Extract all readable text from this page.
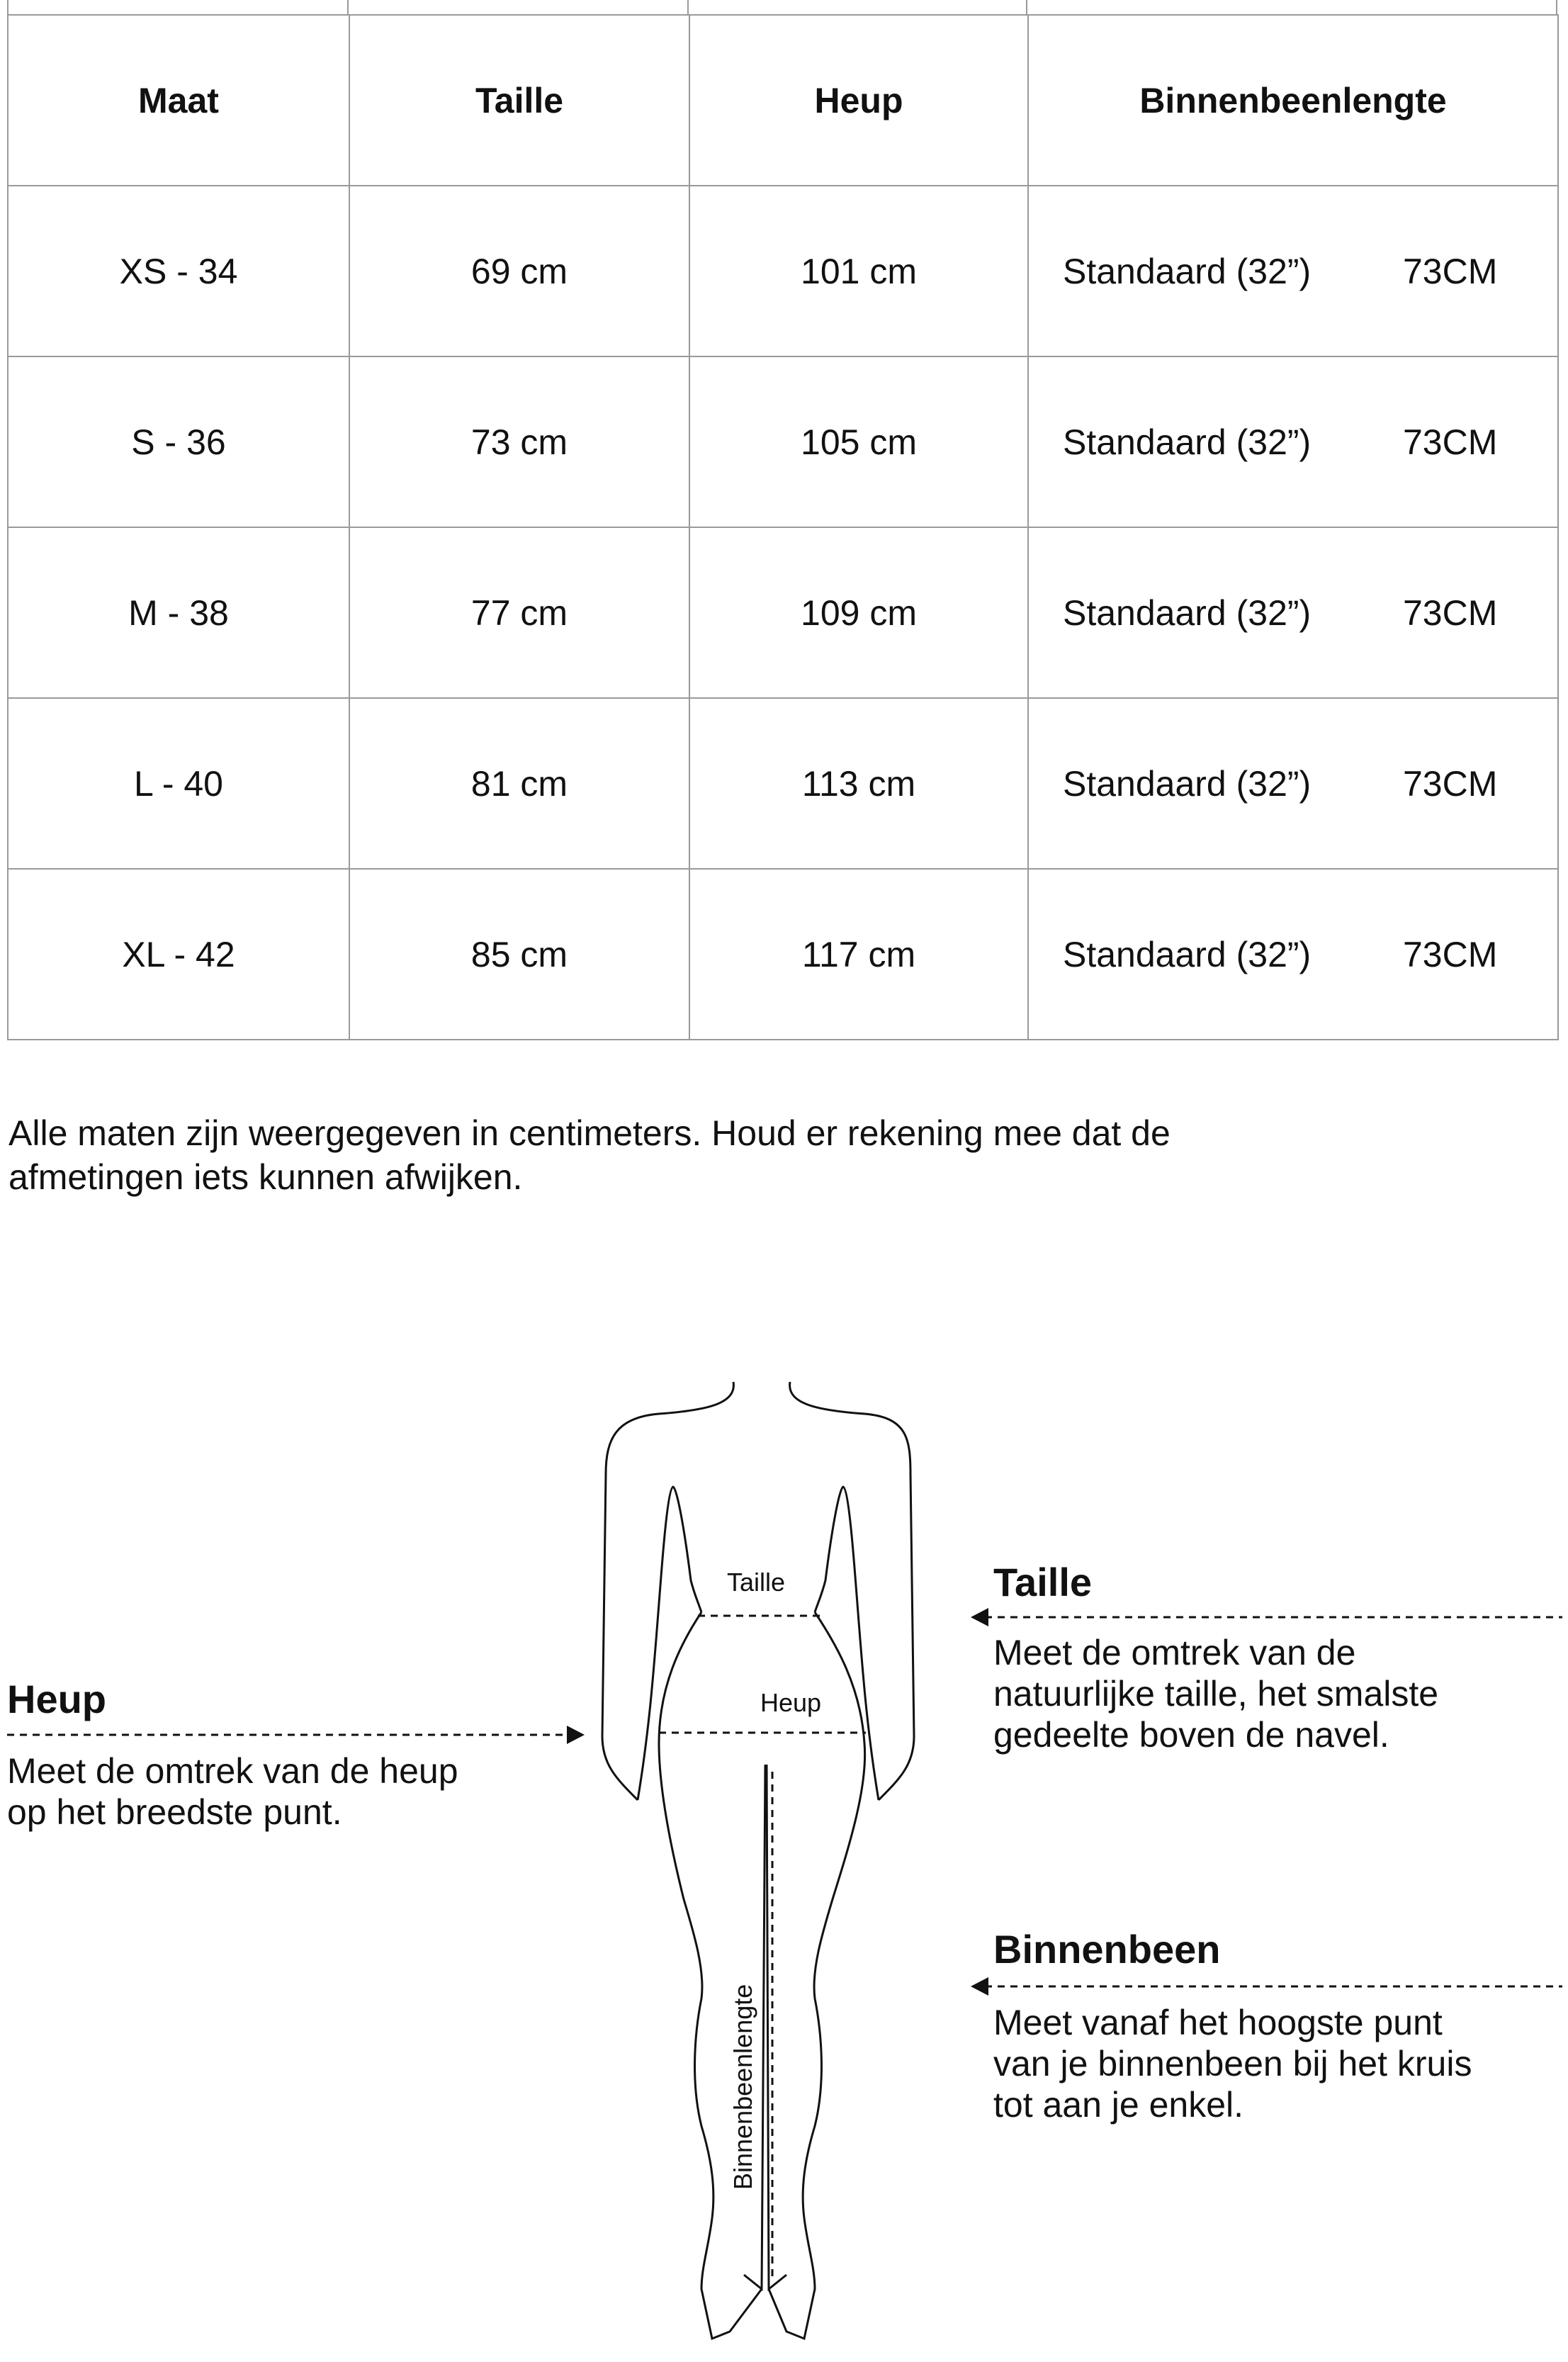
Maat	Taille	Heup	Binnenbeenlengte
XS - 34	69 cm	101 cm	Standaard (32”) 73CM
S - 36	73 cm	105 cm	Standaard (32”) 73CM
M - 38	77 cm	109 cm	Standaard (32”) 73CM
L - 40	81 cm	113 cm	Standaard (32”) 73CM
XL - 42	85 cm	117 cm	Standaard (32”) 73CM

Alle maten zijn weergegeven in centimeters. Houd er rekening mee dat de
afmetingen iets kunnen afwijken.

Taille
Heup
Binnenbeenlengte

Heup

Meet de omtrek van de heup
op het breedste punt.

Taille

Meet de omtrek van de
natuurlijke taille, het smalste
gedeelte boven de navel.

Binnenbeen

Meet vanaf het hoogste punt
van je binnenbeen bij het kruis
tot aan je enkel.
